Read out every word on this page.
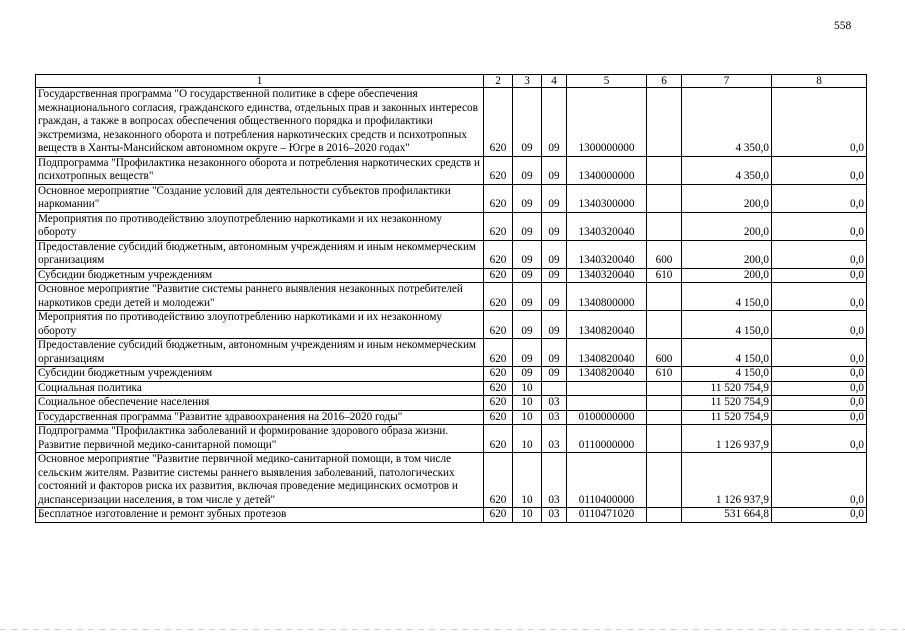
558
1	2	3	4	5	6	7	8
Государственная программа "О государственной политике в сфере обеспечения межнационального согласия, гражданского единства, отдельных прав и законных интересов граждан, а также в вопросах обеспечения общественного порядка и профилактики экстремизма, незаконного оборота и потребления наркотических средств и психотропных веществ в Ханты-Мансийском автономном округе – Югре в 2016–2020 годах"	620	09	09	1300000000		4 350,0	0,0
Подпрограмма "Профилактика незаконного оборота и потребления наркотических средств и психотропных веществ"	620	09	09	1340000000		4 350,0	0,0
Основное мероприятие "Создание условий для деятельности субъектов профилактики наркомании"	620	09	09	1340300000		200,0	0,0
Мероприятия по противодействию злоупотреблению наркотиками и их незаконному обороту	620	09	09	1340320040		200,0	0,0
Предоставление субсидий бюджетным, автономным учреждениям и иным некоммерческим организациям	620	09	09	1340320040	600	200,0	0,0
Субсидии бюджетным учреждениям	620	09	09	1340320040	610	200,0	0,0
Основное мероприятие "Развитие системы раннего выявления незаконных потребителей наркотиков среди детей и молодежи"	620	09	09	1340800000		4 150,0	0,0
Мероприятия по противодействию злоупотреблению наркотиками и их незаконному обороту	620	09	09	1340820040		4 150,0	0,0
Предоставление субсидий бюджетным, автономным учреждениям и иным некоммерческим организациям	620	09	09	1340820040	600	4 150,0	0,0
Субсидии бюджетным учреждениям	620	09	09	1340820040	610	4 150,0	0,0
Социальная политика	620	10				11 520 754,9	0,0
Социальное обеспечение населения	620	10	03			11 520 754,9	0,0
Государственная программа "Развитие здравоохранения на 2016–2020 годы"	620	10	03	0100000000		11 520 754,9	0,0
Подпрограмма "Профилактика заболеваний и формирование здорового образа жизни. Развитие первичной медико-санитарной помощи"	620	10	03	0110000000		1 126 937,9	0,0
Основное мероприятие "Развитие первичной медико-санитарной помощи, в том числе сельским жителям. Развитие системы раннего выявления заболеваний, патологических состояний и факторов риска их развития, включая проведение медицинских осмотров и диспансеризации населения, в том числе у детей"	620	10	03	0110400000		1 126 937,9	0,0
Бесплатное изготовление и ремонт зубных протезов	620	10	03	0110471020		531 664,8	0,0
